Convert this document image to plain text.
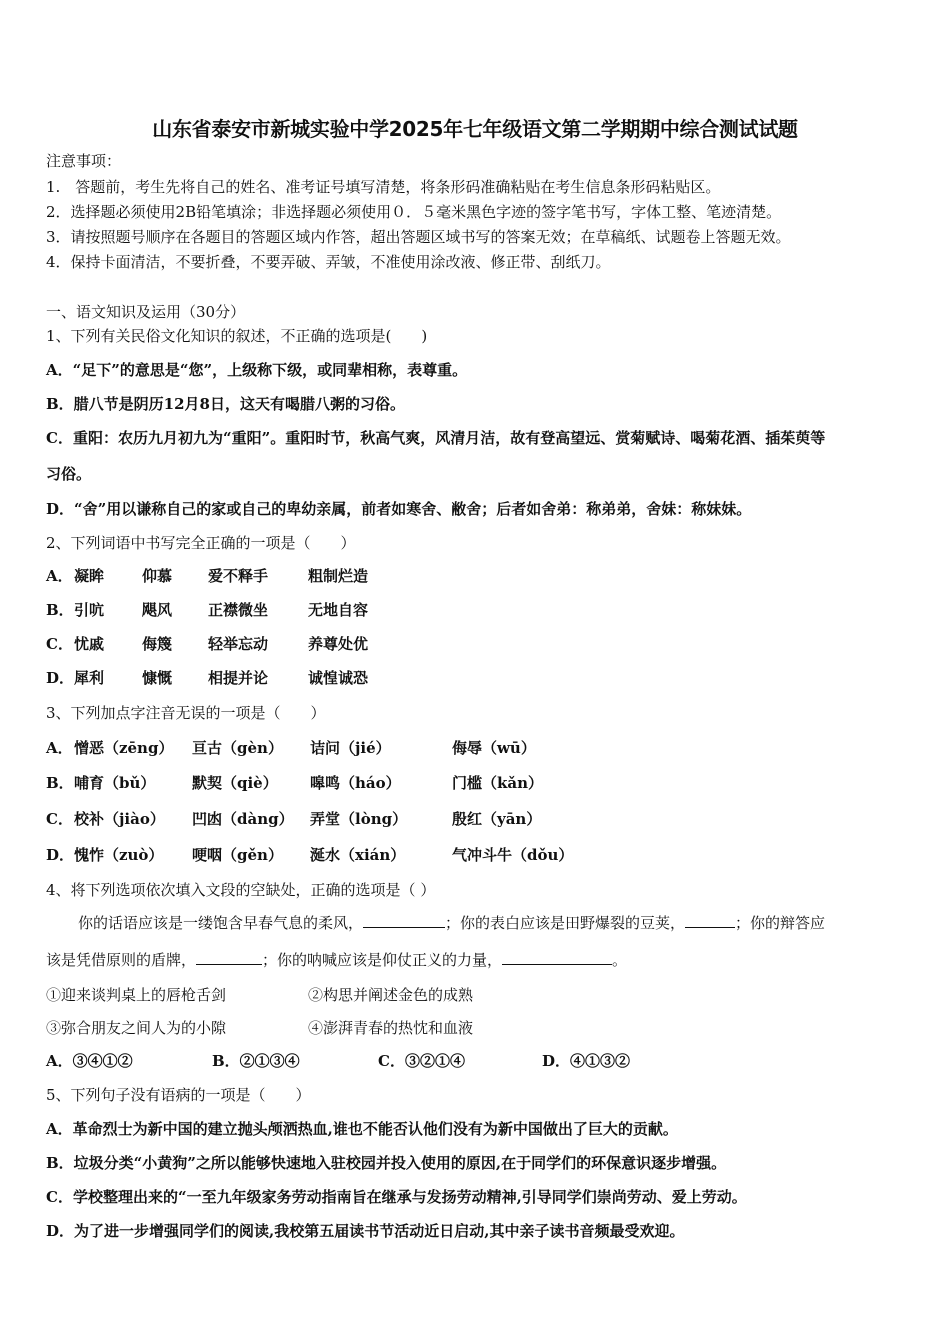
山东省泰安市新城实验中学2025年七年级语文第二学期期中综合测试试题
注意事项：
1.　答题前，考生先将自己的姓名、准考证号填写清楚，将条形码准确粘贴在考生信息条形码粘贴区。
2．选择题必须使用2B铅笔填涂；非选择题必须使用０．５毫米黑色字迹的签字笔书写，字体工整、笔迹清楚。
3．请按照题号顺序在各题目的答题区域内作答，超出答题区域书写的答案无效；在草稿纸、试题卷上答题无效。
4．保持卡面清洁，不要折叠，不要弄破、弄皱，不准使用涂改液、修正带、刮纸刀。
一、语文知识及运用（30分）
1、下列有关民俗文化知识的叙述，不正确的选项是(　　)
A．“足下”的意思是“您”，上级称下级，或同辈相称，表尊重。
B．腊八节是阴历12月8日，这天有喝腊八粥的习俗。
C．重阳：农历九月初九为“重阳”。重阳时节，秋高气爽，风清月洁，故有登高望远、赏菊赋诗、喝菊花酒、插茱萸等
习俗。
D．“舍”用以谦称自己的家或自己的卑幼亲属，前者如寒舍、敝舍；后者如舍弟：称弟弟，舍妹：称妹妹。
2、下列词语中书写完全正确的一项是（　　）
A．凝眸	仰慕 爱不释手	粗制烂造
B．引吭	飓风 正襟微坐	无地自容
C．忧戚	侮篾 轻举忘动	养尊处优
D．犀利	慷慨 相提并论	诚惶诚恐
3、下列加点字注音无误的一项是（　　）
A．憎恶（zēng） 亘古（gèn） 诘问（jié）	侮辱（wū）
B．哺育（bǔ） 默契（qiè） 嗥鸣（háo）	门槛（kǎn）
C．校补（jiào） 凹凼（dàng） 弄堂（lòng）	殷红（yān）
D．愧怍（zuò） 哽咽（gěn） 涎水（xián）	气冲斗牛（dǒu）
4、将下列选项依次填入文段的空缺处，正确的选项是（ ）
你的话语应该是一缕饱含早春气息的柔风，	；你的表白应该是田野爆裂的豆荚，	；你的辩答应
该是凭借原则的盾牌，	；你的呐喊应该是仰仗正义的力量，	。
①迎来谈判桌上的唇枪舌剑	②构思并阐述金色的成熟
③弥合朋友之间人为的小隙	④澎湃青春的热忱和血液
A．③④①②	B．②①③④	C．③②①④	D．④①③②
5、下列句子没有语病的一项是（　　）
A．革命烈士为新中国的建立抛头颅洒热血,谁也不能否认他们没有为新中国做出了巨大的贡献。
B．垃圾分类“小黄狗”之所以能够快速地入驻校园并投入使用的原因,在于同学们的环保意识逐步增强。
C．学校整理出来的“一至九年级家务劳动指南旨在继承与发扬劳动精神,引导同学们崇尚劳动、爱上劳动。
D．为了进一步增强同学们的阅读,我校第五届读书节活动近日启动,其中亲子读书音频最受欢迎。
